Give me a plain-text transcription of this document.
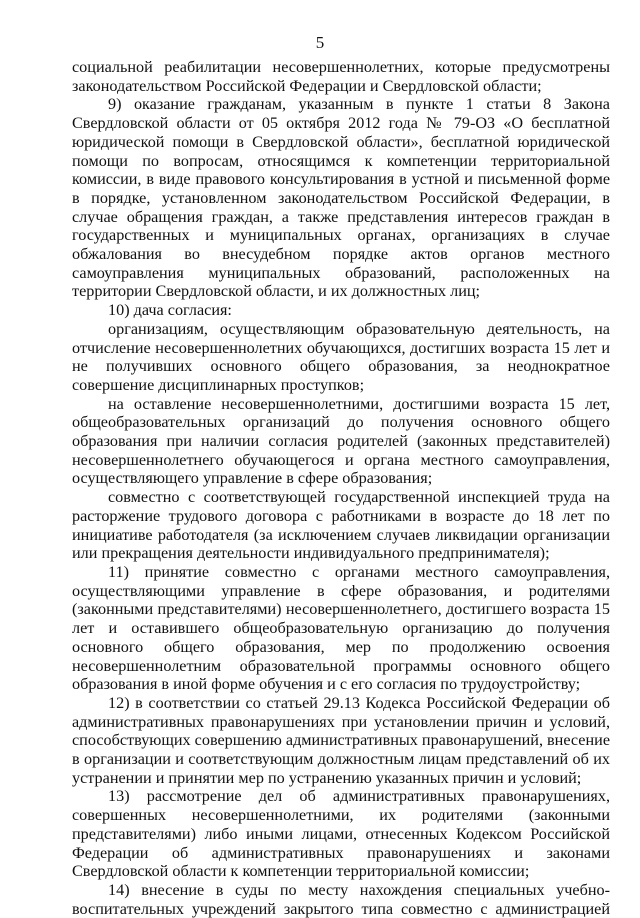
5

социальной реабилитации несовершеннолетних, которые предусмотрены законодательством Российской Федерации и Свердловской области;

9) оказание гражданам, указанным в пункте 1 статьи 8 Закона Свердловской области от 05 октября 2012 года № 79-ОЗ «О бесплатной юридической помощи в Свердловской области», бесплатной юридической помощи по вопросам, относящимся к компетенции территориальной комиссии, в виде правового консультирования в устной и письменной форме в порядке, установленном законодательством Российской Федерации, в случае обращения граждан, а также представления интересов граждан в государственных и муниципальных органах, организациях в случае обжалования во внесудебном порядке актов органов местного самоуправления муниципальных образований, расположенных на территории Свердловской области, и их должностных лиц;

10) дача согласия:

организациям, осуществляющим образовательную деятельность, на отчисление несовершеннолетних обучающихся, достигших возраста 15 лет и не получивших основного общего образования, за неоднократное совершение дисциплинарных проступков;

на оставление несовершеннолетними, достигшими возраста 15 лет, общеобразовательных организаций до получения основного общего образования при наличии согласия родителей (законных представителей) несовершеннолетнего обучающегося и органа местного самоуправления, осуществляющего управление в сфере образования;

совместно с соответствующей государственной инспекцией труда на расторжение трудового договора с работниками в возрасте до 18 лет по инициативе работодателя (за исключением случаев ликвидации организации или прекращения деятельности индивидуального предпринимателя);

11) принятие совместно с органами местного самоуправления, осуществляющими управление в сфере образования, и родителями (законными представителями) несовершеннолетнего, достигшего возраста 15 лет и оставившего общеобразовательную организацию до получения основного общего образования, мер по продолжению освоения несовершеннолетним образовательной программы основного общего образования в иной форме обучения и с его согласия по трудоустройству;

12) в соответствии со статьей 29.13 Кодекса Российской Федерации об административных правонарушениях при установлении причин и условий, способствующих совершению административных правонарушений, внесение в организации и соответствующим должностным лицам представлений об их устранении и принятии мер по устранению указанных причин и условий;

13) рассмотрение дел об административных правонарушениях, совершенных несовершеннолетними, их родителями (законными представителями) либо иными лицами, отнесенных Кодексом Российской Федерации об административных правонарушениях и законами Свердловской области к компетенции территориальной комиссии;

14) внесение в суды по месту нахождения специальных учебно-воспитательных учреждений закрытого типа совместно с администрацией
